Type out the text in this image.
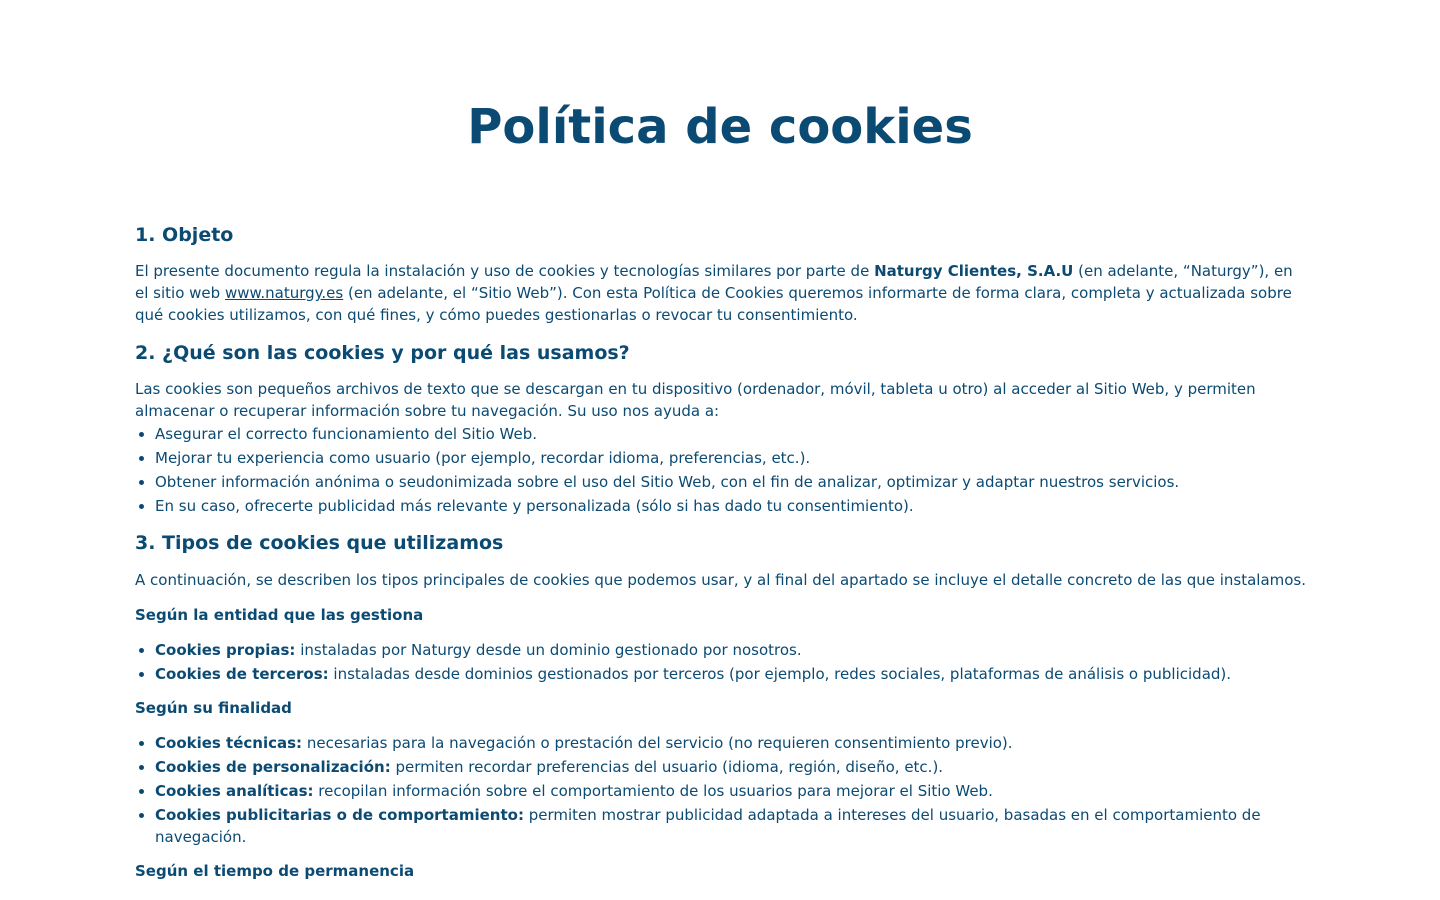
Política de cookies
1. Objeto

El presente documento regula la instalación y uso de cookies y tecnologías similares por parte de Naturgy Clientes, S.A.U (en adelante, “Naturgy”), en el sitio web www.naturgy.es (en adelante, el “Sitio Web”). Con esta Política de Cookies queremos informarte de forma clara, completa y actualizada sobre qué cookies utilizamos, con qué fines, y cómo puedes gestionarlas o revocar tu consentimiento.

2. ¿Qué son las cookies y por qué las usamos?

Las cookies son pequeños archivos de texto que se descargan en tu dispositivo (ordenador, móvil, tableta u otro) al acceder al Sitio Web, y permiten almacenar o recuperar información sobre tu navegación. Su uso nos ayuda a:

• Asegurar el correcto funcionamiento del Sitio Web.
• Mejorar tu experiencia como usuario (por ejemplo, recordar idioma, preferencias, etc.).
• Obtener información anónima o seudonimizada sobre el uso del Sitio Web, con el fin de analizar, optimizar y adaptar nuestros servicios.
• En su caso, ofrecerte publicidad más relevante y personalizada (sólo si has dado tu consentimiento).
3. Tipos de cookies que utilizamos

A continuación, se describen los tipos principales de cookies que podemos usar, y al final del apartado se incluye el detalle concreto de las que instalamos.

Según la entidad que las gestiona

• Cookies propias: instaladas por Naturgy desde un dominio gestionado por nosotros.
• Cookies de terceros: instaladas desde dominios gestionados por terceros (por ejemplo, redes sociales, plataformas de análisis o publicidad).

Según su finalidad

• Cookies técnicas: necesarias para la navegación o prestación del servicio (no requieren consentimiento previo).
• Cookies de personalización: permiten recordar preferencias del usuario (idioma, región, diseño, etc.).
• Cookies analíticas: recopilan información sobre el comportamiento de los usuarios para mejorar el Sitio Web.
• Cookies publicitarias o de comportamiento: permiten mostrar publicidad adaptada a intereses del usuario, basadas en el comportamiento de navegación.

Según el tiempo de permanencia
